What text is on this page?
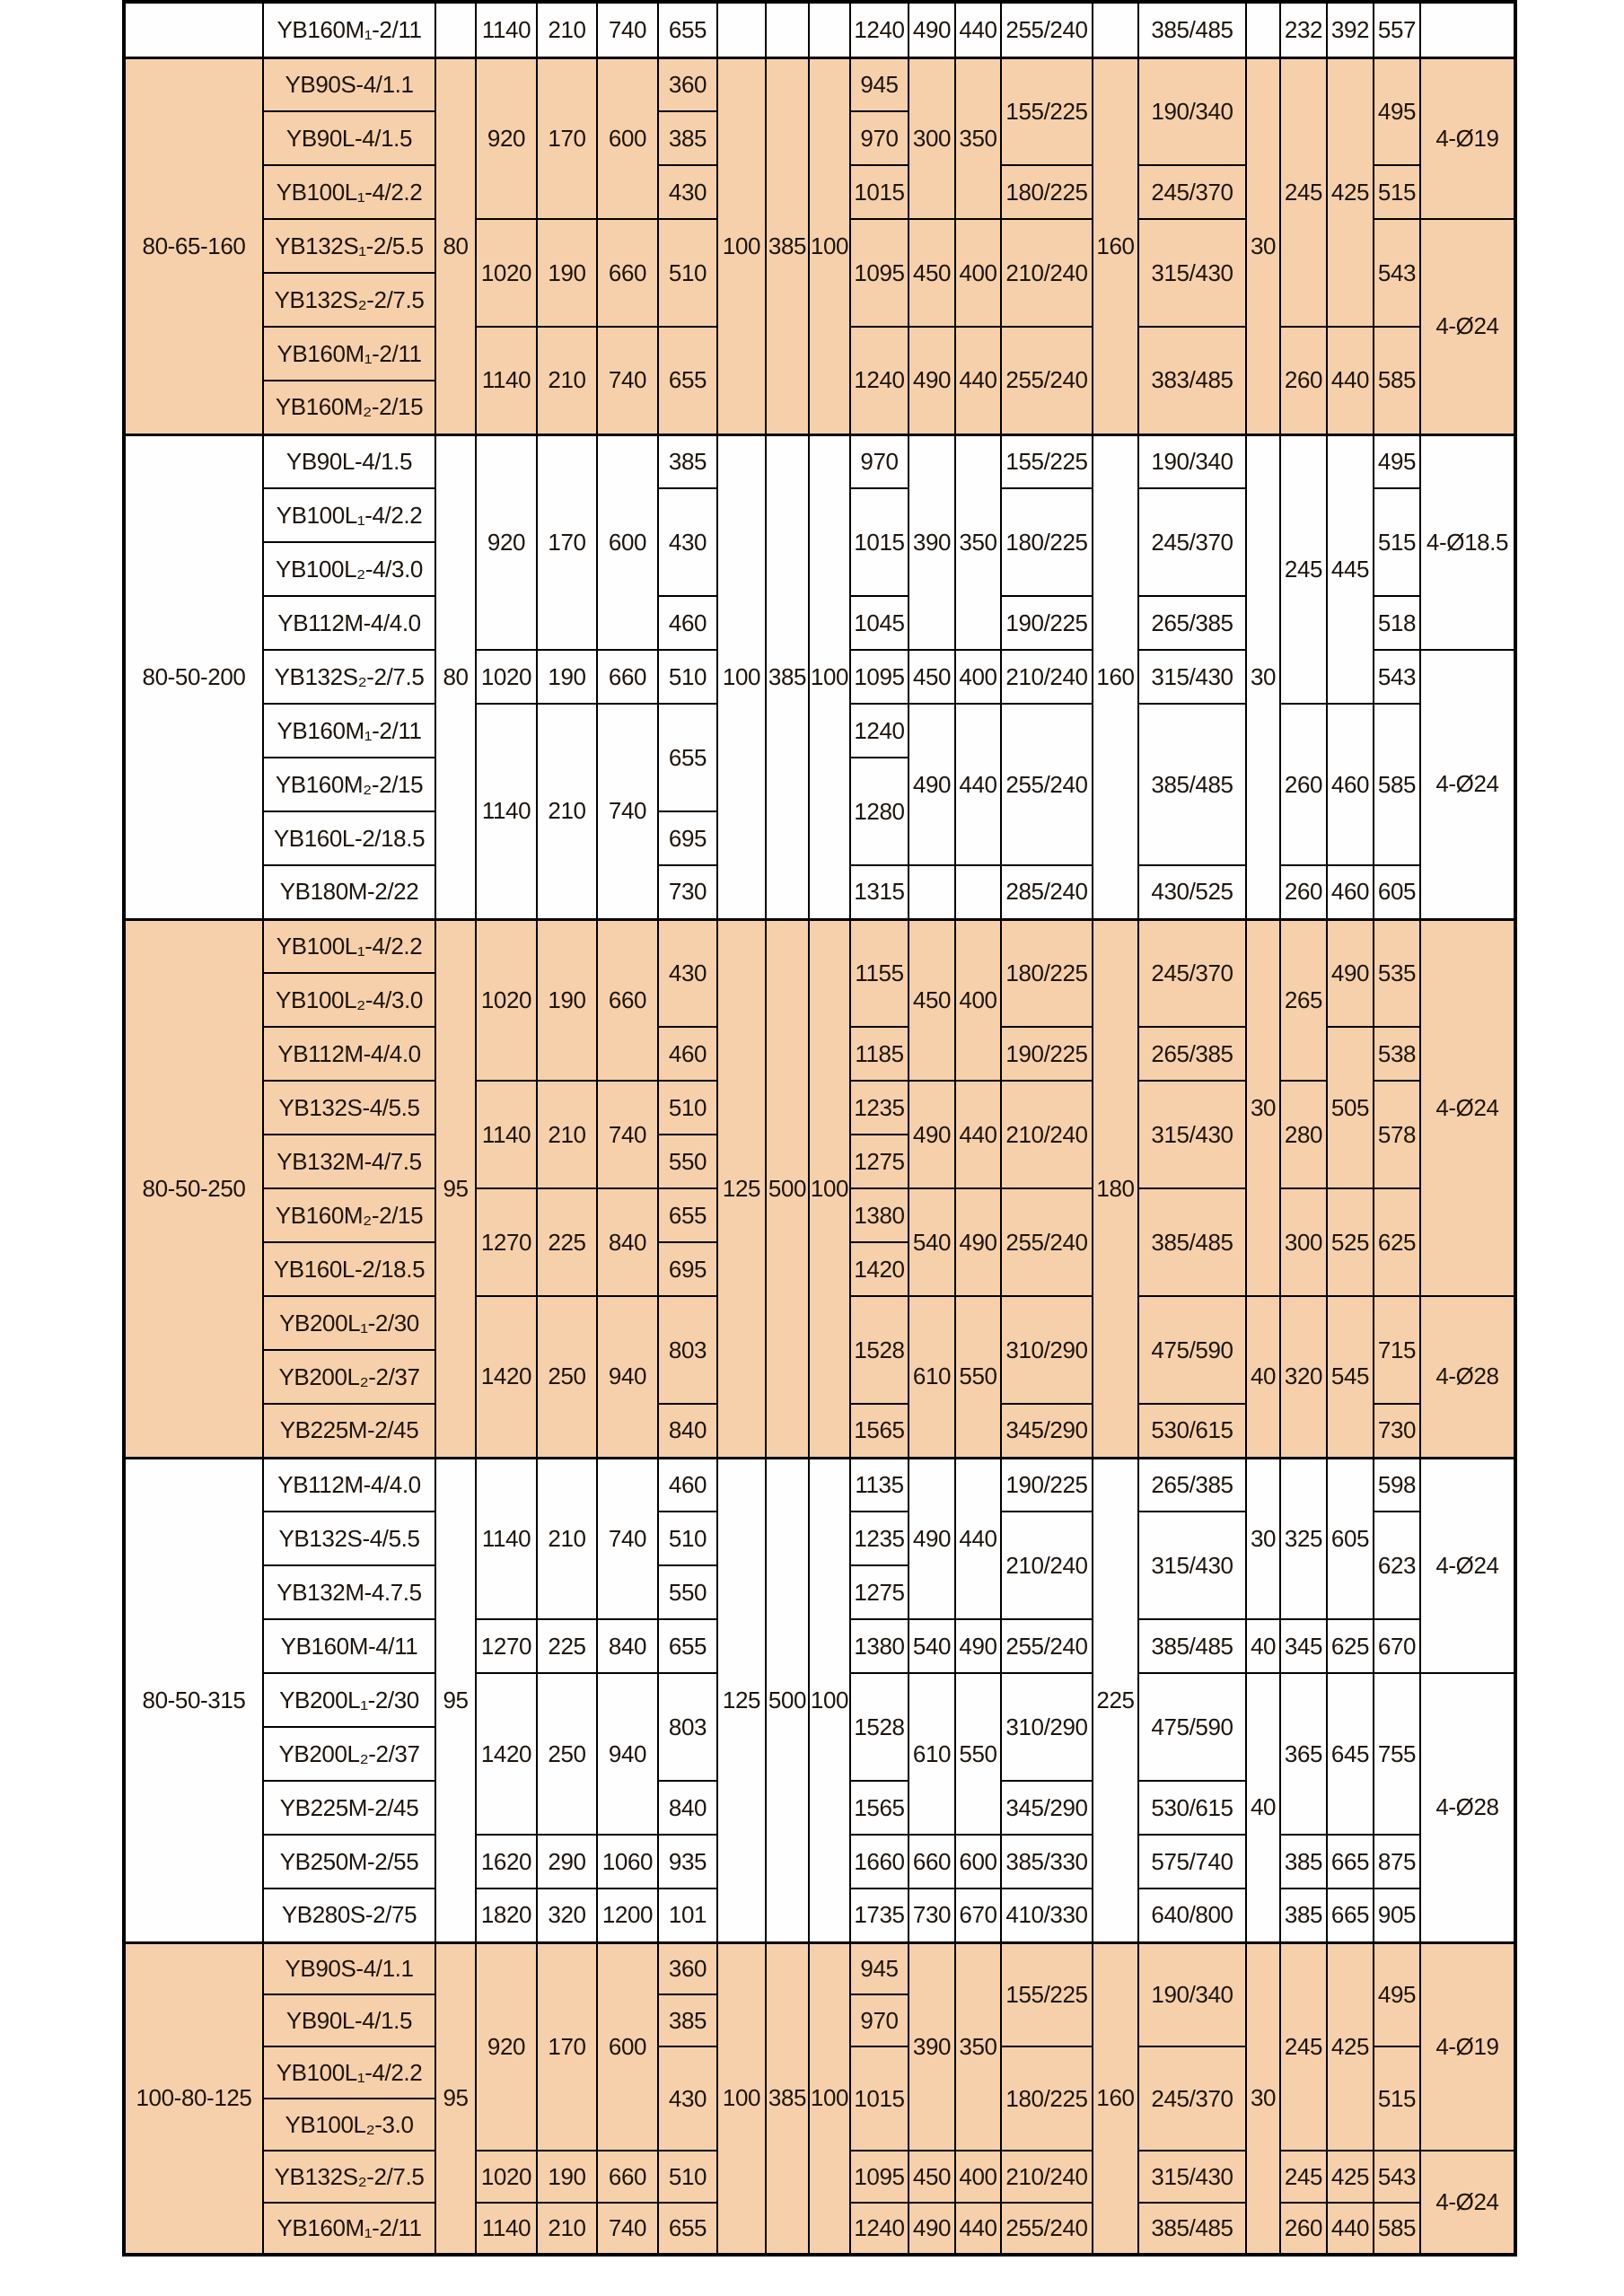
	YB160M₁-2/11		1140	210	740	655				1240	490	440	255/240		385/485		232	392	557	
80-65-160	YB90S-4/1.1	80	920	170	600	360	100	385	100	945	300	350	155/225	160	190/340	30	245	425	495	4-Ø19
	YB90L-4/1.5					385				970										
	YB100L₁-4/2.2					430				1015			180/225		245/370				515	
	YB132S₁-2/5.5		1020	190	660	510				1095	450	400	210/240		315/430				543	4-Ø24
	YB132S₂-2/7.5																			
	YB160M₁-2/11		1140	210	740	655				1240	490	440	255/240		383/485		260	440	585	
	YB160M₂-2/15																			
80-50-200	YB90L-4/1.5	80	920	170	600	385	100	385	100	970	390	350	155/225	160	190/340	30	245	445	495	4-Ø18.5
	YB100L₁-4/2.2					430				1015			180/225		245/370				515	
	YB100L₂-4/3.0																			
	YB112M-4/4.0					460				1045			190/225		265/385				518	
	YB132S₂-2/7.5		1020	190	660	510				1095	450	400	210/240		315/430				543	4-Ø24
	YB160M₁-2/11		1140	210	740	655				1240	490	440	255/240		385/485		260	460	585	
	YB160M₂-2/15									1280										
	YB160L-2/18.5					695														
	YB180M-2/22					730				1315			285/240		430/525		260	460	605	
80-50-250	YB100L₁-4/2.2	95	1020	190	660	430	125	500	100	1155	450	400	180/225	180	245/370	30	265	490	535	4-Ø24
	YB100L₂-4/3.0																			
	YB112M-4/4.0					460				1185			190/225		265/385			505	538	
	YB132S-4/5.5		1140	210	740	510				1235	490	440	210/240		315/430		280		578	
	YB132M-4/7.5					550				1275										
	YB160M₂-2/15		1270	225	840	655				1380	540	490	255/240		385/485		300	525	625	
	YB160L-2/18.5					695				1420										
	YB200L₁-2/30		1420	250	940	803				1528	610	550	310/290		475/590	40	320	545	715	4-Ø28
	YB200L₂-2/37																			
	YB225M-2/45					840				1565			345/290		530/615				730	
80-50-315	YB112M-4/4.0	95	1140	210	740	460	125	500	100	1135	490	440	190/225	225	265/385	30	325	605	598	4-Ø24
	YB132S-4/5.5					510				1235			210/240		315/430				623	
	YB132M-4.7.5					550				1275										
	YB160M-4/11		1270	225	840	655				1380	540	490	255/240		385/485	40	345	625	670	
	YB200L₁-2/30		1420	250	940	803				1528	610	550	310/290		475/590	40	365	645	755	4-Ø28
	YB200L₂-2/37																			
	YB225M-2/45					840				1565			345/290		530/615					
	YB250M-2/55		1620	290	1060	935				1660	660	600	385/330		575/740		385	665	875	
	YB280S-2/75		1820	320	1200	101				1735	730	670	410/330		640/800		385	665	905	
100-80-125	YB90S-4/1.1	95	920	170	600	360	100	385	100	945	390	350	155/225	160	190/340	30	245	425	495	4-Ø19
	YB90L-4/1.5					385				970										
	YB100L₁-4/2.2					430				1015			180/225		245/370				515	
	YB100L₂-3.0																			
	YB132S₂-2/7.5		1020	190	660	510				1095	450	400	210/240		315/430		245	425	543	4-Ø24
	YB160M₁-2/11		1140	210	740	655				1240	490	440	255/240		385/485		260	440	585	
